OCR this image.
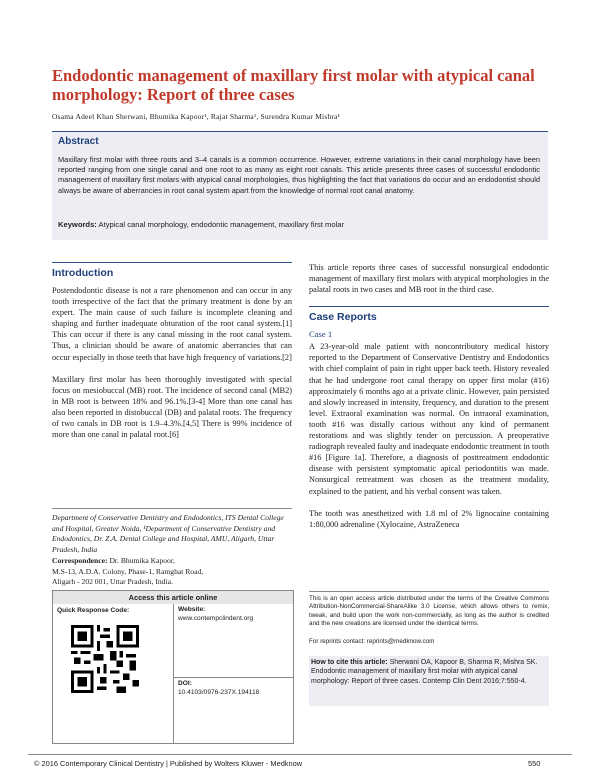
Endodontic management of maxillary first molar with atypical canal morphology: Report of three cases
Osama Adeel Khan Sherwani, Bhumika Kapoor¹, Rajat Sharma¹, Surendra Kumar Mishra¹
Abstract
Maxillary first molar with three roots and 3–4 canals is a common occurrence. However, extreme variations in their canal morphology have been reported ranging from one single canal and one root to as many as eight root canals. This article presents three cases of successful endodontic management of maxillary first molars with atypical canal morphologies, thus highlighting the fact that variations do occur and an endodontist should always be aware of aberrancies in root canal system apart from the knowledge of normal root canal anatomy.
Keywords: Atypical canal morphology, endodontic management, maxillary first molar
Introduction

Postendodontic disease is not a rare phenomenon and can occur in any tooth irrespective of the fact that the primary treatment is done by an expert. The main cause of such failure is incomplete cleaning and shaping and further inadequate obturation of the root canal system.[1] This can occur if there is any canal missing in the root canal system. Thus, a clinician should be aware of anatomic aberrancies that can occur especially in those teeth that have high frequency of variations.[2]

Maxillary first molar has been thoroughly investigated with special focus on mesiobuccal (MB) root. The incidence of second canal (MB2) in MB root is between 18% and 96.1%.[3-4] More than one canal has also been reported in distobuccal (DB) and palatal roots. The frequency of two canals in DB root is 1.9–4.3%.[4,5] There is 99% incidence of more than one canal in palatal root.[6]

Department of Conservative Dentistry and Endodontics, ITS Dental College and Hospital, Greater Noida, ¹Department of Conservative Dentistry and Endodontics, Dr. Z.A. Dental College and Hospital, AMU, Aligarh, Uttar Pradesh, India
Correspondence: Dr. Bhumika Kapoor,
M.S-13, A.D.A. Colony, Phase-1, Ramghat Road,
Aligarh - 202 001, Uttar Pradesh, India.
Access this article online
Quick Response Code:	Website:
www.contempclindent.org
DOI:
10.4103/0976-237X.194118

This article reports three cases of successful nonsurgical endodontic management of maxillary first molars with atypical morphologies in the palatal roots in two cases and MB root in the third case.

Case Reports
Case 1

A 23-year-old male patient with noncontributory medical history reported to the Department of Conservative Dentistry and Endodontics with chief complaint of pain in right upper back teeth. History revealed that he had undergone root canal therapy on upper first molar (#16) approximately 6 months ago at a private clinic. However, pain persisted and slowly increased in intensity, frequency, and duration to the present level. Extraoral examination was normal. On intraoral examination, tooth #16 was distally carious without any kind of permanent restorations and was slightly tender on percussion. A preoperative radiograph revealed faulty and inadequate endodontic treatment in tooth #16 [Figure 1a]. Therefore, a diagnosis of posttreatment endodontic disease with persistent symptomatic apical periodontitis was made. Nonsurgical retreatment was chosen as the treatment modality, explained to the patient, and his verbal consent was taken.

The tooth was anesthetized with 1.8 ml of 2% lignocaine containing 1:80,000 adrenaline (Xylocaine, AstraZeneca

This is an open access article distributed under the terms of the Creative Commons Attribution-NonCommercial-ShareAlike 3.0 License, which allows others to remix, tweak, and build upon the work non-commercially, as long as the author is credited and the new creations are licensed under the identical terms.
For reprints contact: reprints@medknow.com
How to cite this article: Sherwani OA, Kapoor B, Sharma R, Mishra SK. Endodontic management of maxillary first molar with atypical canal morphology: Report of three cases. Contemp Clin Dent 2016;7:550-4.
© 2016 Contemporary Clinical Dentistry | Published by Wolters Kluwer - Medknow	550
